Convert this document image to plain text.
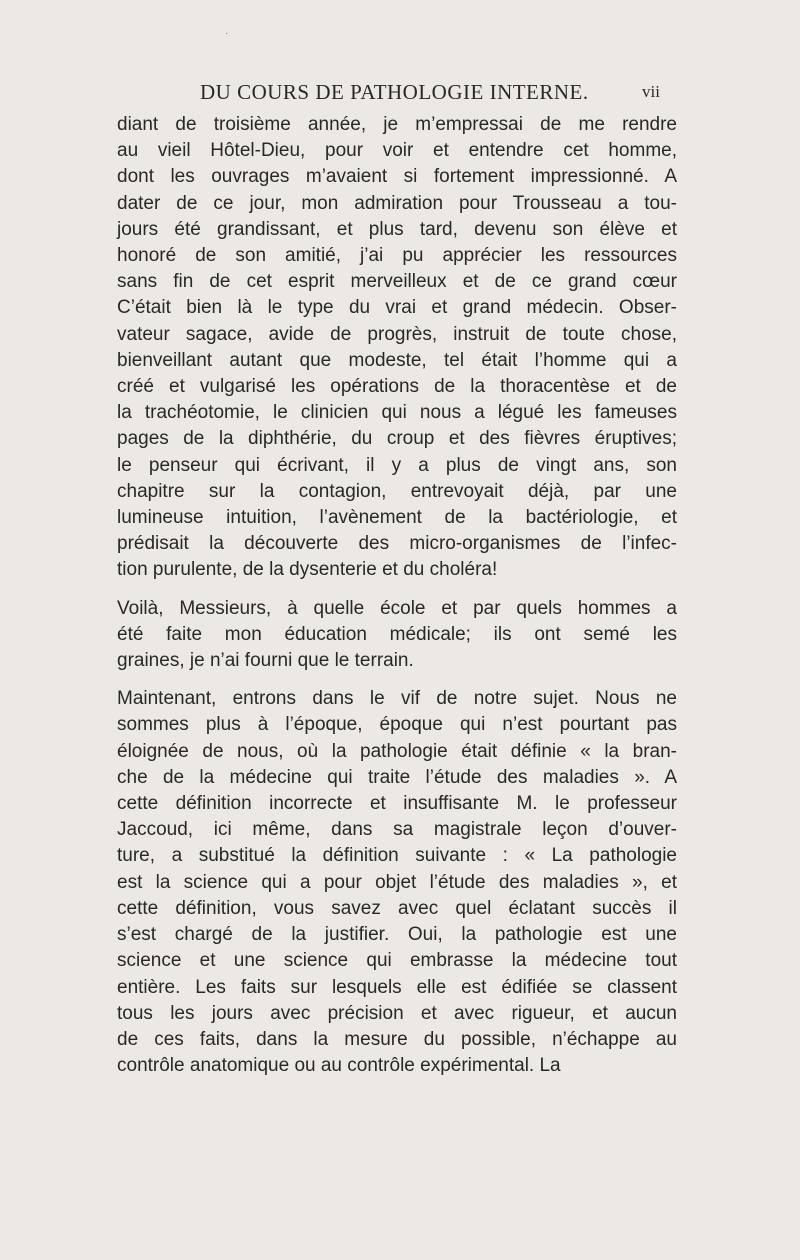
·
DU COURS DE PATHOLOGIE INTERNE.	vii

diant de troisième année, je m’empressai de me rendre
au vieil Hôtel-Dieu, pour voir et entendre cet homme,
dont les ouvrages m’avaient si fortement impressionné. A
dater de ce jour, mon admiration pour Trousseau a tou-
jours été grandissant, et plus tard, devenu son élève et
honoré de son amitié, j’ai pu apprécier les ressources
sans fin de cet esprit merveilleux et de ce grand cœur
C’était bien là le type du vrai et grand médecin. Obser-
vateur sagace, avide de progrès, instruit de toute chose,
bienveillant autant que modeste, tel était l’homme qui a
créé et vulgarisé les opérations de la thoracentèse et de
la trachéotomie, le clinicien qui nous a légué les fameuses
pages de la diphthérie, du croup et des fièvres éruptives;
le penseur qui écrivant, il y a plus de vingt ans, son
chapitre sur la contagion, entrevoyait déjà, par une
lumineuse intuition, l’avènement de la bactériologie, et
prédisait la découverte des micro-organismes de l’infec-
tion purulente, de la dysenterie et du choléra!

Voilà, Messieurs, à quelle école et par quels hommes a
été faite mon éducation médicale; ils ont semé les
graines, je n’ai fourni que le terrain.

Maintenant, entrons dans le vif de notre sujet. Nous ne
sommes plus à l’époque, époque qui n’est pourtant pas
éloignée de nous, où la pathologie était définie « la bran-
che de la médecine qui traite l’étude des maladies ». A
cette définition incorrecte et insuffisante M. le professeur
Jaccoud, ici même, dans sa magistrale leçon d’ouver-
ture, a substitué la définition suivante : « La pathologie
est la science qui a pour objet l’étude des maladies », et
cette définition, vous savez avec quel éclatant succès il
s’est chargé de la justifier. Oui, la pathologie est une
science et une science qui embrasse la médecine tout
entière. Les faits sur lesquels elle est édifiée se classent
tous les jours avec précision et avec rigueur, et aucun
de ces faits, dans la mesure du possible, n’échappe au
contrôle anatomique ou au contrôle expérimental. La
